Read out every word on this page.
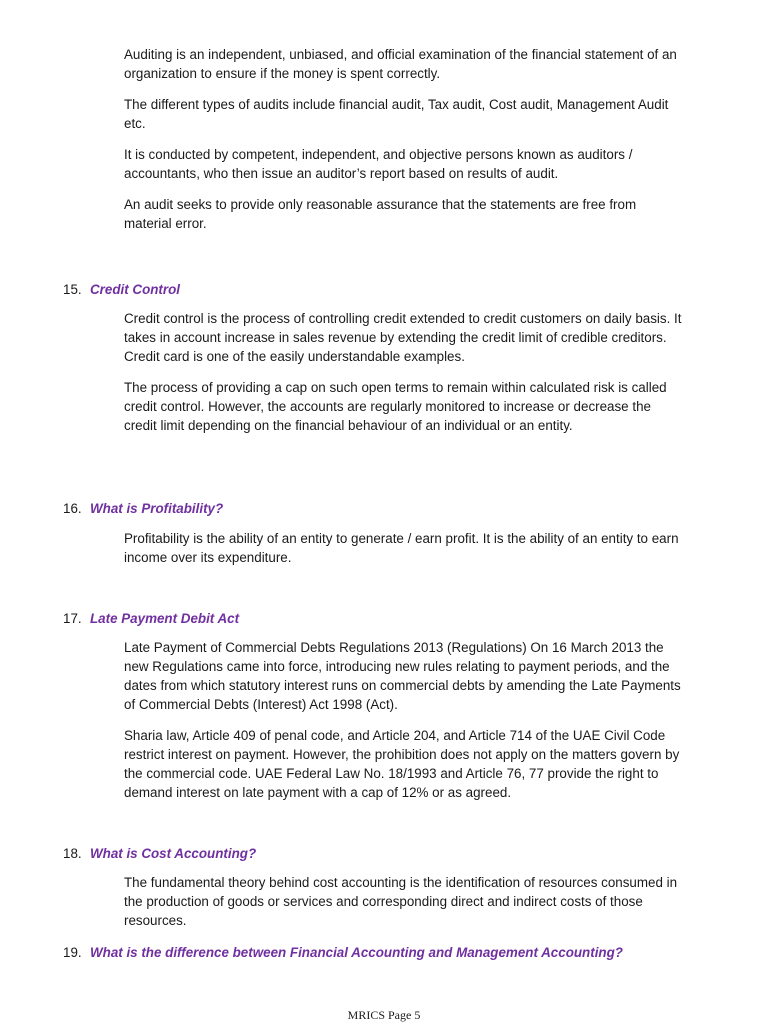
Auditing is an independent, unbiased, and official examination of the financial statement of an organization to ensure if the money is spent correctly.

The different types of audits include financial audit, Tax audit, Cost audit, Management Audit etc.

It is conducted by competent, independent, and objective persons known as auditors / accountants, who then issue an auditor’s report based on results of audit.

An audit seeks to provide only reasonable assurance that the statements are free from material error.

15. Credit Control

Credit control is the process of controlling credit extended to credit customers on daily basis. It takes in account increase in sales revenue by extending the credit limit of credible creditors. Credit card is one of the easily understandable examples.

The process of providing a cap on such open terms to remain within calculated risk is called credit control. However, the accounts are regularly monitored to increase or decrease the credit limit depending on the financial behaviour of an individual or an entity.

16. What is Profitability?

Profitability is the ability of an entity to generate / earn profit. It is the ability of an entity to earn income over its expenditure.

17. Late Payment Debit Act

Late Payment of Commercial Debts Regulations 2013 (Regulations) On 16 March 2013 the new Regulations came into force, introducing new rules relating to payment periods, and the dates from which statutory interest runs on commercial debts by amending the Late Payments of Commercial Debts (Interest) Act 1998 (Act).

Sharia law, Article 409 of penal code, and Article 204, and Article 714 of the UAE Civil Code restrict interest on payment. However, the prohibition does not apply on the matters govern by the commercial code. UAE Federal Law No. 18/1993 and Article 76, 77 provide the right to demand interest on late payment with a cap of 12% or as agreed.

18. What is Cost Accounting?

The fundamental theory behind cost accounting is the identification of resources consumed in the production of goods or services and corresponding direct and indirect costs of those resources.

19. What is the difference between Financial Accounting and Management Accounting?
MRICS Page 5
